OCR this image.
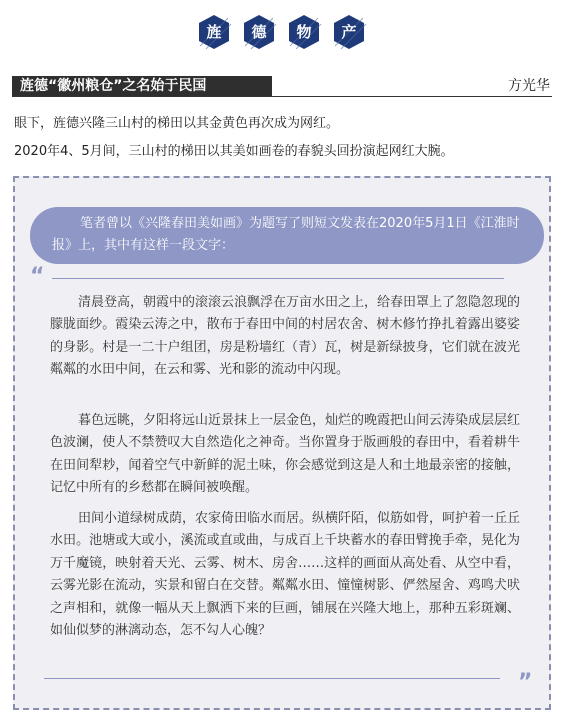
旌	德	物	产
旌德“徽州粮仓”之名始于民国	方光华
眼下，旌德兴隆三山村的梯田以其金黄色再次成为网红。
2020年4、5月间，三山村的梯田以其美如画卷的春貌头回扮演起网红大腕。
笔者曾以《兴隆春田美如画》为题写了则短文发表在2020年5月1日《江淮时报》上，其中有这样一段文字：
“
清晨登高，朝霞中的滚滚云浪飘浮在万亩水田之上，给春田罩上了忽隐忽现的朦胧面纱。霞染云涛之中，散布于春田中间的村居农舍、树木修竹挣扎着露出婆娑的身影。村是一二十户组团，房是粉墙红（青）瓦，树是新绿披身，它们就在波光粼粼的水田中间，在云和雾、光和影的流动中闪现。
暮色远眺，夕阳将远山近景抹上一层金色，灿烂的晚霞把山间云涛染成层层红色波澜，使人不禁赞叹大自然造化之神奇。当你置身于版画般的春田中，看着耕牛在田间犁耖，闻着空气中新鲜的泥土味，你会感觉到这是人和土地最亲密的接触，记忆中所有的乡愁都在瞬间被唤醒。
田间小道绿树成荫，农家倚田临水而居。纵横阡陌，似筋如骨，呵护着一丘丘水田。池塘或大或小，溪流或直或曲，与成百上千块蓄水的春田臂挽手牵，晃化为万千魔镜，映射着天光、云雾、树木、房舍……这样的画面从高处看、从空中看，云雾光影在流动，实景和留白在交替。粼粼水田、憧憧树影、俨然屋舍、鸡鸣犬吠之声相和，就像一幅从天上飘洒下来的巨画，铺展在兴隆大地上，那种五彩斑斓、如仙似梦的淋漓动态，怎不勾人心魄？
”
